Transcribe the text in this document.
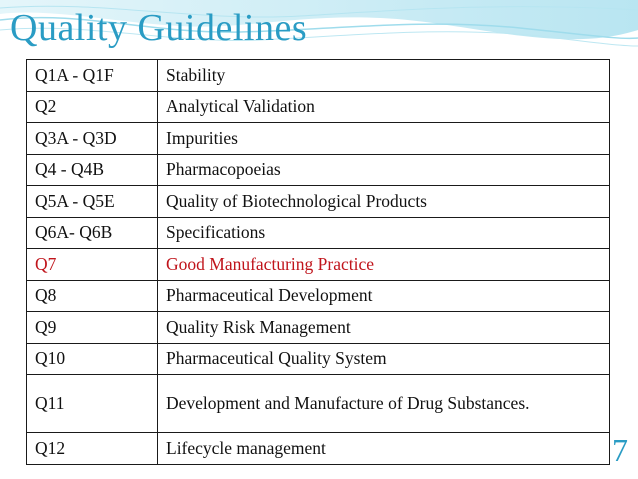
Quality Guidelines
Q1A - Q1F	Stability
Q2	Analytical Validation
Q3A - Q3D	Impurities
Q4 - Q4B	Pharmacopoeias
Q5A - Q5E	Quality of Biotechnological Products
Q6A- Q6B	Specifications
Q7	Good Manufacturing Practice
Q8	Pharmaceutical Development
Q9	Quality Risk Management
Q10	Pharmaceutical Quality System
Q11	Development and Manufacture of Drug Substances.
Q12	Lifecycle management	7
